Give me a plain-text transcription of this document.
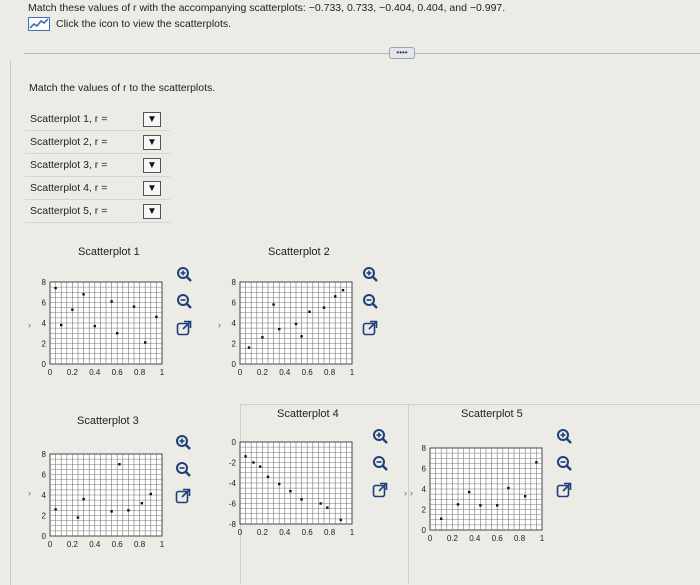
Match these values of r with the accompanying scatterplots: −0.733, 0.733, −0.404, 0.404, and −0.997.
Click the icon to view the scatterplots.
••••
Match the values of r to the scatterplots.
Scatterplot 1, r =	▼
Scatterplot 2, r =	▼
Scatterplot 3, r =	▼
Scatterplot 4, r =	▼
Scatterplot 5, r =	▼
Scatterplot 1
0 0.2 0.4 0.6 0.8 1
0
2
4
6
8
›
Scatterplot 2
0 0.2 0.4 0.6 0.8 1
0
2
4
6
8
›
Scatterplot 3
0 0.2 0.4 0.6 0.8 1
0
2
4
6
8
›
Scatterplot 4
0 0.2 0.4 0.6 0.8 1
0
-2
-4
-6
-8
›
Scatterplot 5
0 0.2 0.4 0.6 0.8 1
0
2
4
6
8
›
